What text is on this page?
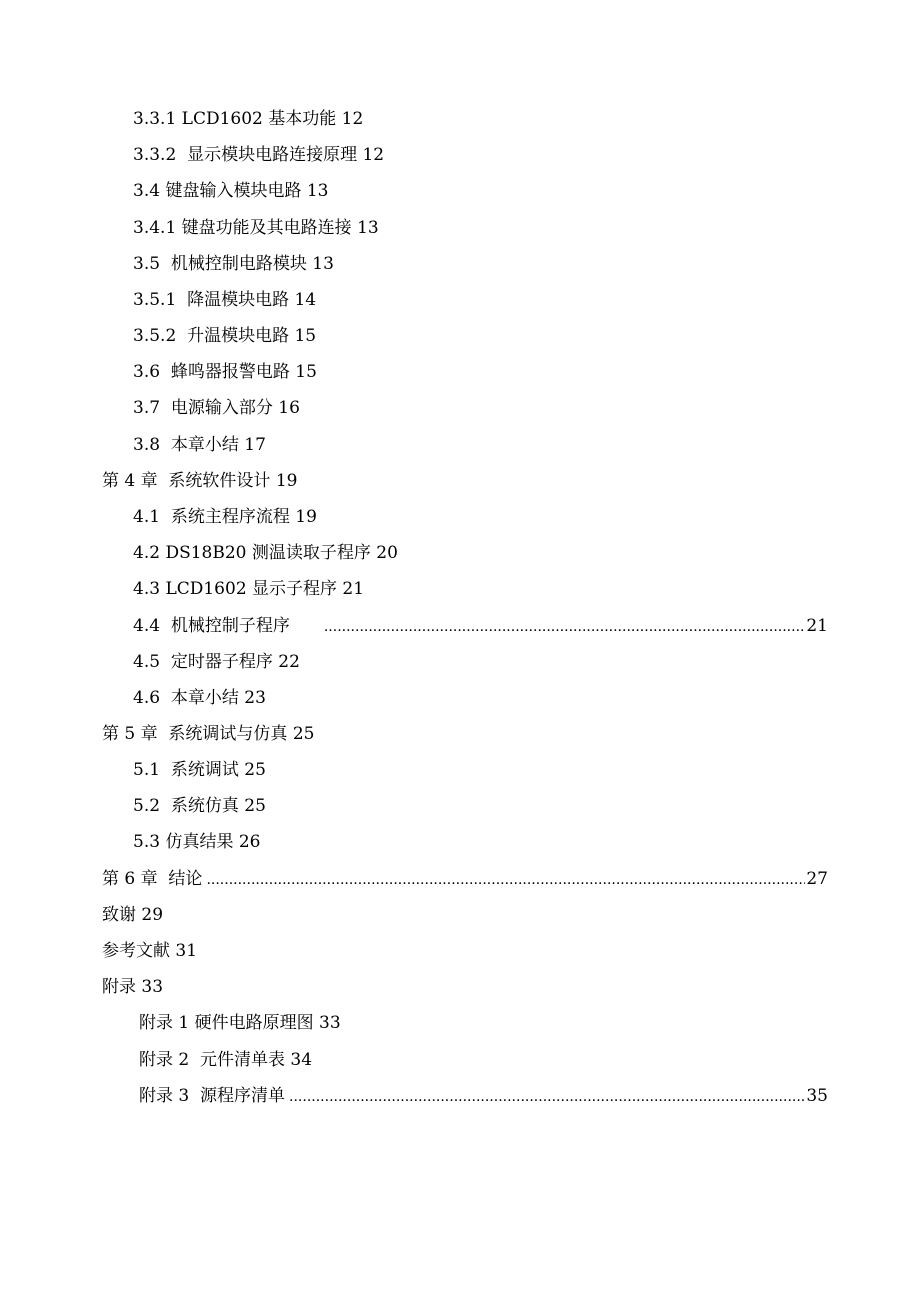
3.3.1 LCD1602 基本功能 12
3.3.2  显示模块电路连接原理 12
3.4 键盘输入模块电路 13
3.4.1 键盘功能及其电路连接 13
3.5  机械控制电路模块 13
3.5.1  降温模块电路 14
3.5.2  升温模块电路 15
3.6  蜂鸣器报警电路 15
3.7  电源输入部分 16
3.8  本章小结 17
第 4 章  系统软件设计 19
4.1  系统主程序流程 19
4.2 DS18B20 测温读取子程序 20
4.3 LCD1602 显示子程序 21
4.4  机械控制子程序 .....	21
4.5  定时器子程序 22
4.6  本章小结 23
第 5 章  系统调试与仿真 25
5.1  系统调试 25
5.2  系统仿真 25
5.3 仿真结果 26
第 6 章  结论 .....	27
致谢 29
参考文献 31
附录 33
附录 1 硬件电路原理图 33
附录 2  元件清单表 34
附录 3  源程序清单 .....	35
